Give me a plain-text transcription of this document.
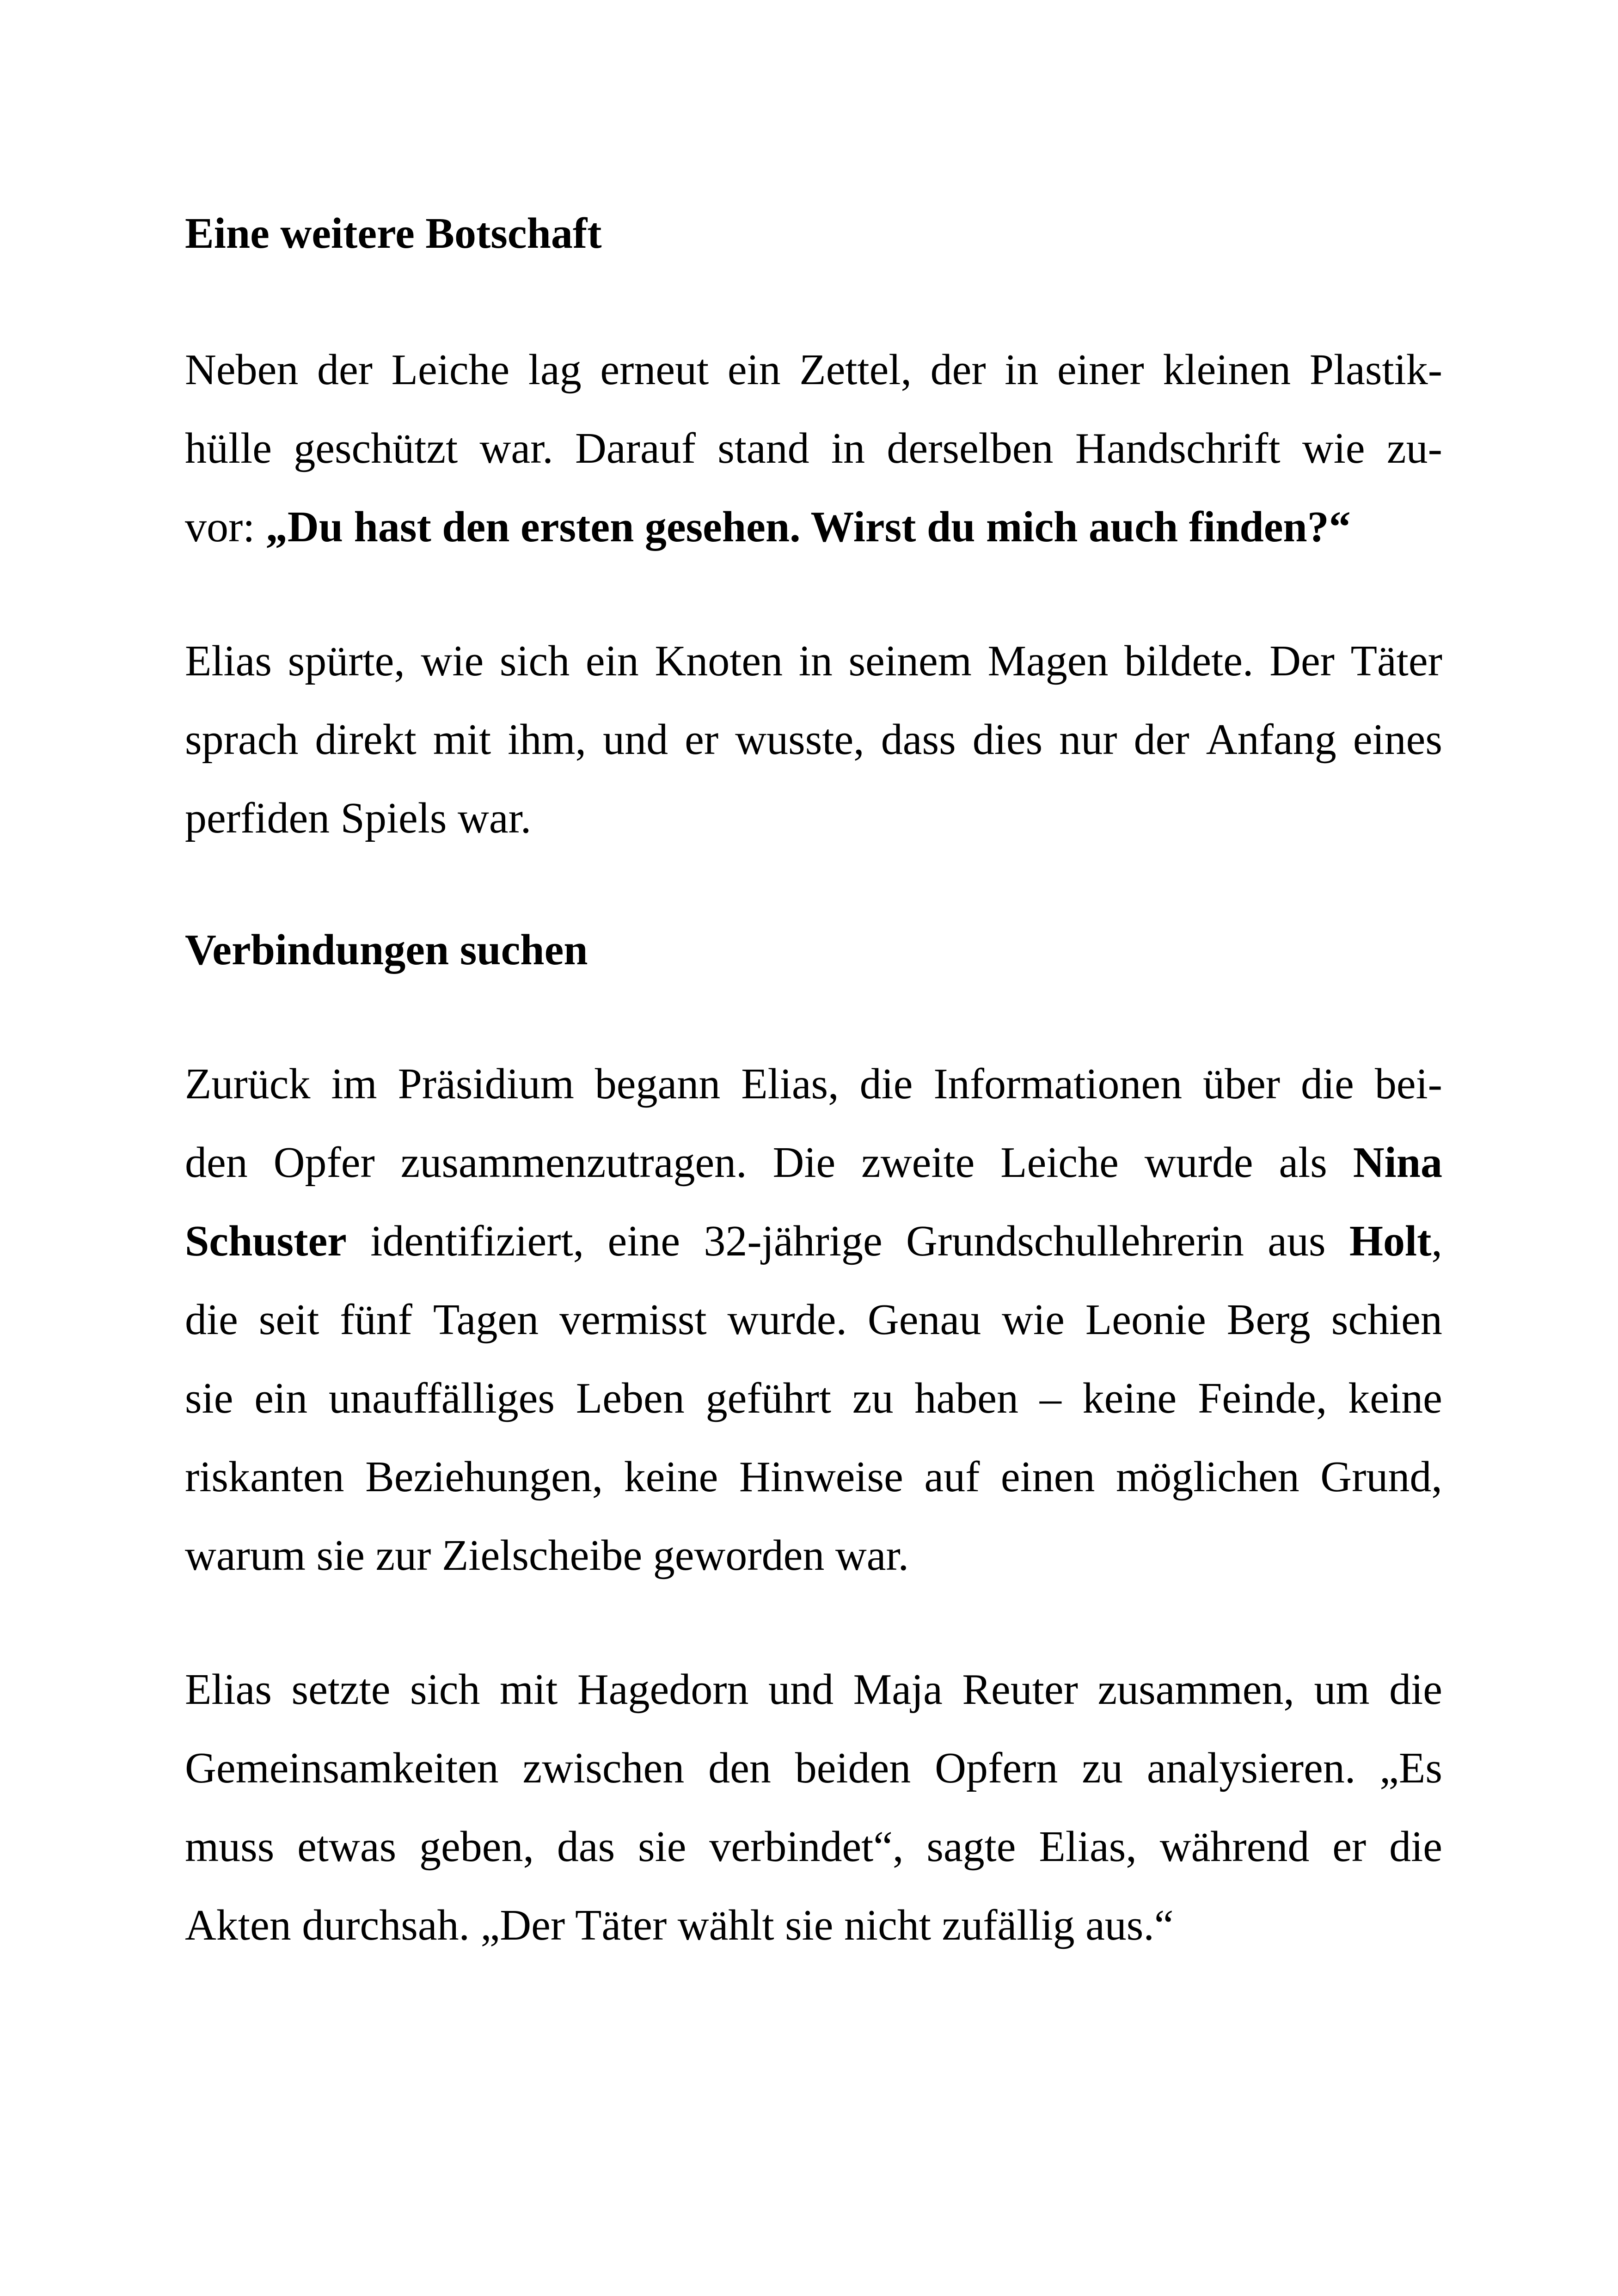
Eine weitere Botschaft
Neben der Leiche lag erneut ein Zettel, der in einer kleinen Plastik-
hülle geschützt war. Darauf stand in derselben Handschrift wie zu-
vor: „Du hast den ersten gesehen. Wirst du mich auch finden?“
Elias spürte, wie sich ein Knoten in seinem Magen bildete. Der Täter
sprach direkt mit ihm, und er wusste, dass dies nur der Anfang eines
perfiden Spiels war.
Verbindungen suchen
Zurück im Präsidium begann Elias, die Informationen über die bei-
den Opfer zusammenzutragen. Die zweite Leiche wurde als Nina
Schuster identifiziert, eine 32-jährige Grundschullehrerin aus Holt,
die seit fünf Tagen vermisst wurde. Genau wie Leonie Berg schien
sie ein unauffälliges Leben geführt zu haben – keine Feinde, keine
riskanten Beziehungen, keine Hinweise auf einen möglichen Grund,
warum sie zur Zielscheibe geworden war.
Elias setzte sich mit Hagedorn und Maja Reuter zusammen, um die
Gemeinsamkeiten zwischen den beiden Opfern zu analysieren. „Es
muss etwas geben, das sie verbindet“, sagte Elias, während er die
Akten durchsah. „Der Täter wählt sie nicht zufällig aus.“
